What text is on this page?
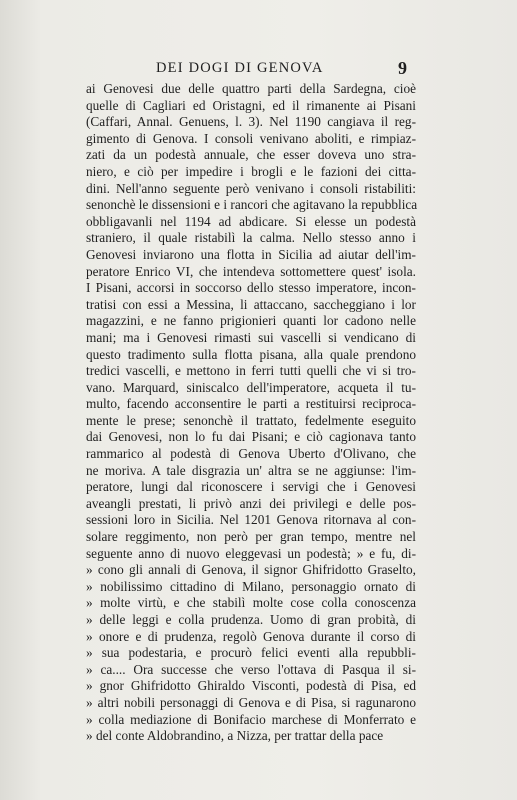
DEI DOGI DI GENOVA	9
ai Genovesi due delle quattro parti della Sardegna, cioè
quelle di Cagliari ed Oristagni, ed il rimanente ai Pisani
(Caffari, Annal. Genuens, l. 3). Nel 1190 cangiava il reg-
gimento di Genova. I consoli venivano aboliti, e rimpiaz-
zati da un podestà annuale, che esser doveva uno stra-
niero, e ciò per impedire i brogli e le fazioni dei citta-
dini. Nell'anno seguente però venivano i consoli ristabiliti:
senonchè le dissensioni e i rancori che agitavano la repubblica
obbligavanli nel 1194 ad abdicare. Si elesse un podestà
straniero, il quale ristabilì la calma. Nello stesso anno i
Genovesi inviarono una flotta in Sicilia ad aiutar dell'im-
peratore Enrico VI, che intendeva sottomettere quest' isola.
I Pisani, accorsi in soccorso dello stesso imperatore, incon-
tratisi con essi a Messina, li attaccano, saccheggiano i lor
magazzini, e ne fanno prigionieri quanti lor cadono nelle
mani; ma i Genovesi rimasti sui vascelli si vendicano di
questo tradimento sulla flotta pisana, alla quale prendono
tredici vascelli, e mettono in ferri tutti quelli che vi si tro-
vano. Marquard, siniscalco dell'imperatore, acqueta il tu-
multo, facendo acconsentire le parti a restituirsi reciproca-
mente le prese; senonchè il trattato, fedelmente eseguito
dai Genovesi, non lo fu dai Pisani; e ciò cagionava tanto
rammarico al podestà di Genova Uberto d'Olivano, che
ne moriva. A tale disgrazia un' altra se ne aggiunse: l'im-
peratore, lungi dal riconoscere i servigi che i Genovesi
aveangli prestati, li privò anzi dei privilegi e delle pos-
sessioni loro in Sicilia. Nel 1201 Genova ritornava al con-
solare reggimento, non però per gran tempo, mentre nel
seguente anno di nuovo eleggevasi un podestà; » e fu, di-
» cono gli annali di Genova, il signor Ghifridotto Graselto,
» nobilissimo cittadino di Milano, personaggio ornato di
» molte virtù, e che stabilì molte cose colla conoscenza
» delle leggi e colla prudenza. Uomo di gran probità, di
» onore e di prudenza, regolò Genova durante il corso di
» sua podestaria, e procurò felici eventi alla repubbli-
» ca.... Ora successe che verso l'ottava di Pasqua il si-
» gnor Ghifridotto Ghiraldo Visconti, podestà di Pisa, ed
» altri nobili personaggi di Genova e di Pisa, si ragunarono
» colla mediazione di Bonifacio marchese di Monferrato e
» del conte Aldobrandino, a Nizza, per trattar della pace
